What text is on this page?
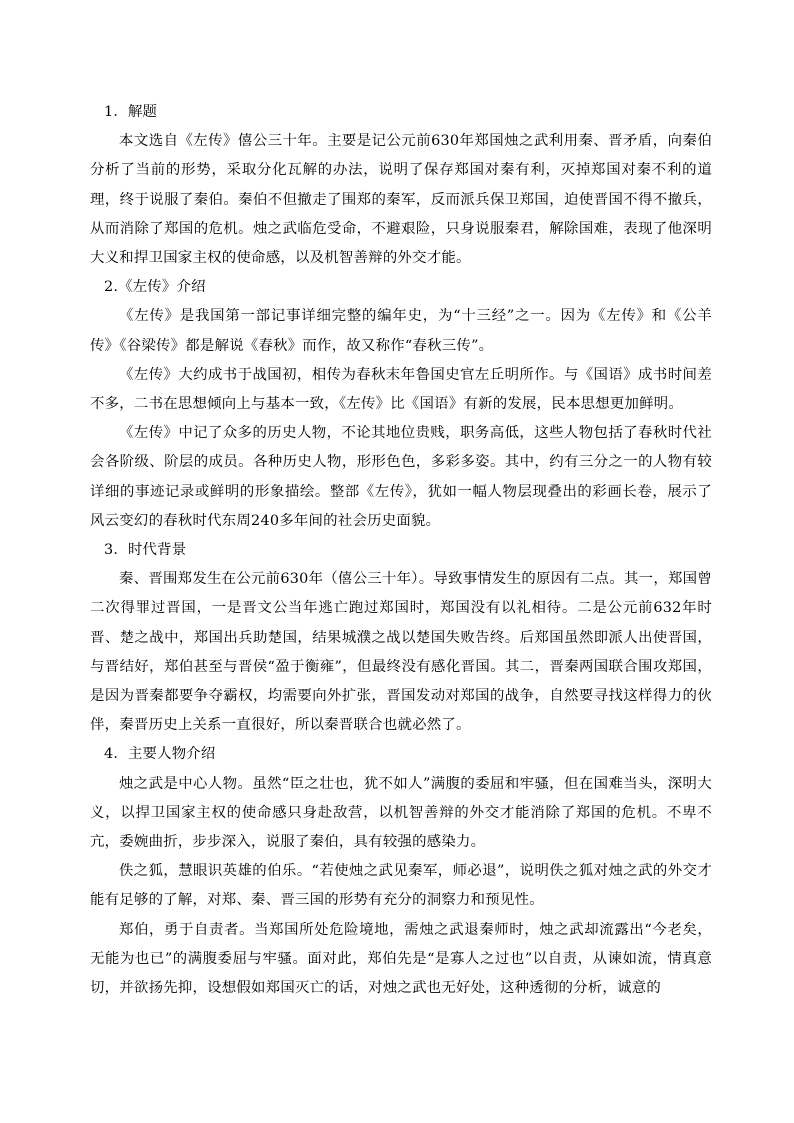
1．解题
本文选自《左传》僖公三十年。主要是记公元前630年郑国烛之武利用秦、晋矛盾，向秦伯分析了当前的形势，采取分化瓦解的办法，说明了保存郑国对秦有利，灭掉郑国对秦不利的道理，终于说服了秦伯。秦伯不但撤走了围郑的秦军，反而派兵保卫郑国，迫使晋国不得不撤兵，从而消除了郑国的危机。烛之武临危受命，不避艰险，只身说服秦君，解除国难，表现了他深明大义和捍卫国家主权的使命感，以及机智善辩的外交才能。
2.《左传》介绍
《左传》是我国第一部记事详细完整的编年史，为“十三经”之一。因为《左传》和《公羊传》《谷梁传》都是解说《春秋》而作，故又称作“春秋三传”。
《左传》大约成书于战国初，相传为春秋末年鲁国史官左丘明所作。与《国语》成书时间差不多，二书在思想倾向上与基本一致，《左传》比《国语》有新的发展，民本思想更加鲜明。
《左传》中记了众多的历史人物，不论其地位贵贱，职务高低，这些人物包括了春秋时代社会各阶级、阶层的成员。各种历史人物，形形色色，多彩多姿。其中，约有三分之一的人物有较详细的事迹记录或鲜明的形象描绘。整部《左传》，犹如一幅人物层现叠出的彩画长卷，展示了风云变幻的春秋时代东周240多年间的社会历史面貌。
3．时代背景
秦、晋围郑发生在公元前630年（僖公三十年）。导致事情发生的原因有二点。其一，郑国曾二次得罪过晋国，一是晋文公当年逃亡跑过郑国时，郑国没有以礼相待。二是公元前632年时晋、楚之战中，郑国出兵助楚国，结果城濮之战以楚国失败告终。后郑国虽然即派人出使晋国，与晋结好，郑伯甚至与晋侯“盈于衡雍”，但最终没有感化晋国。其二，晋秦两国联合围攻郑国，是因为晋秦都要争夺霸权，均需要向外扩张，晋国发动对郑国的战争，自然要寻找这样得力的伙伴，秦晋历史上关系一直很好，所以秦晋联合也就必然了。
4．主要人物介绍
烛之武是中心人物。虽然“臣之壮也，犹不如人”满腹的委屈和牢骚，但在国难当头，深明大义，以捍卫国家主权的使命感只身赴敌营，以机智善辩的外交才能消除了郑国的危机。不卑不亢，委婉曲折，步步深入，说服了秦伯，具有较强的感染力。
佚之狐，慧眼识英雄的伯乐。“若使烛之武见秦军，师必退”，说明佚之狐对烛之武的外交才能有足够的了解，对郑、秦、晋三国的形势有充分的洞察力和预见性。
郑伯，勇于自责者。当郑国所处危险境地，需烛之武退秦师时，烛之武却流露出“今老矣，无能为也已”的满腹委屈与牢骚。面对此，郑伯先是“是寡人之过也”以自责，从谏如流，情真意切，并欲扬先抑，设想假如郑国灭亡的话，对烛之武也无好处，这种透彻的分析，诚意的
